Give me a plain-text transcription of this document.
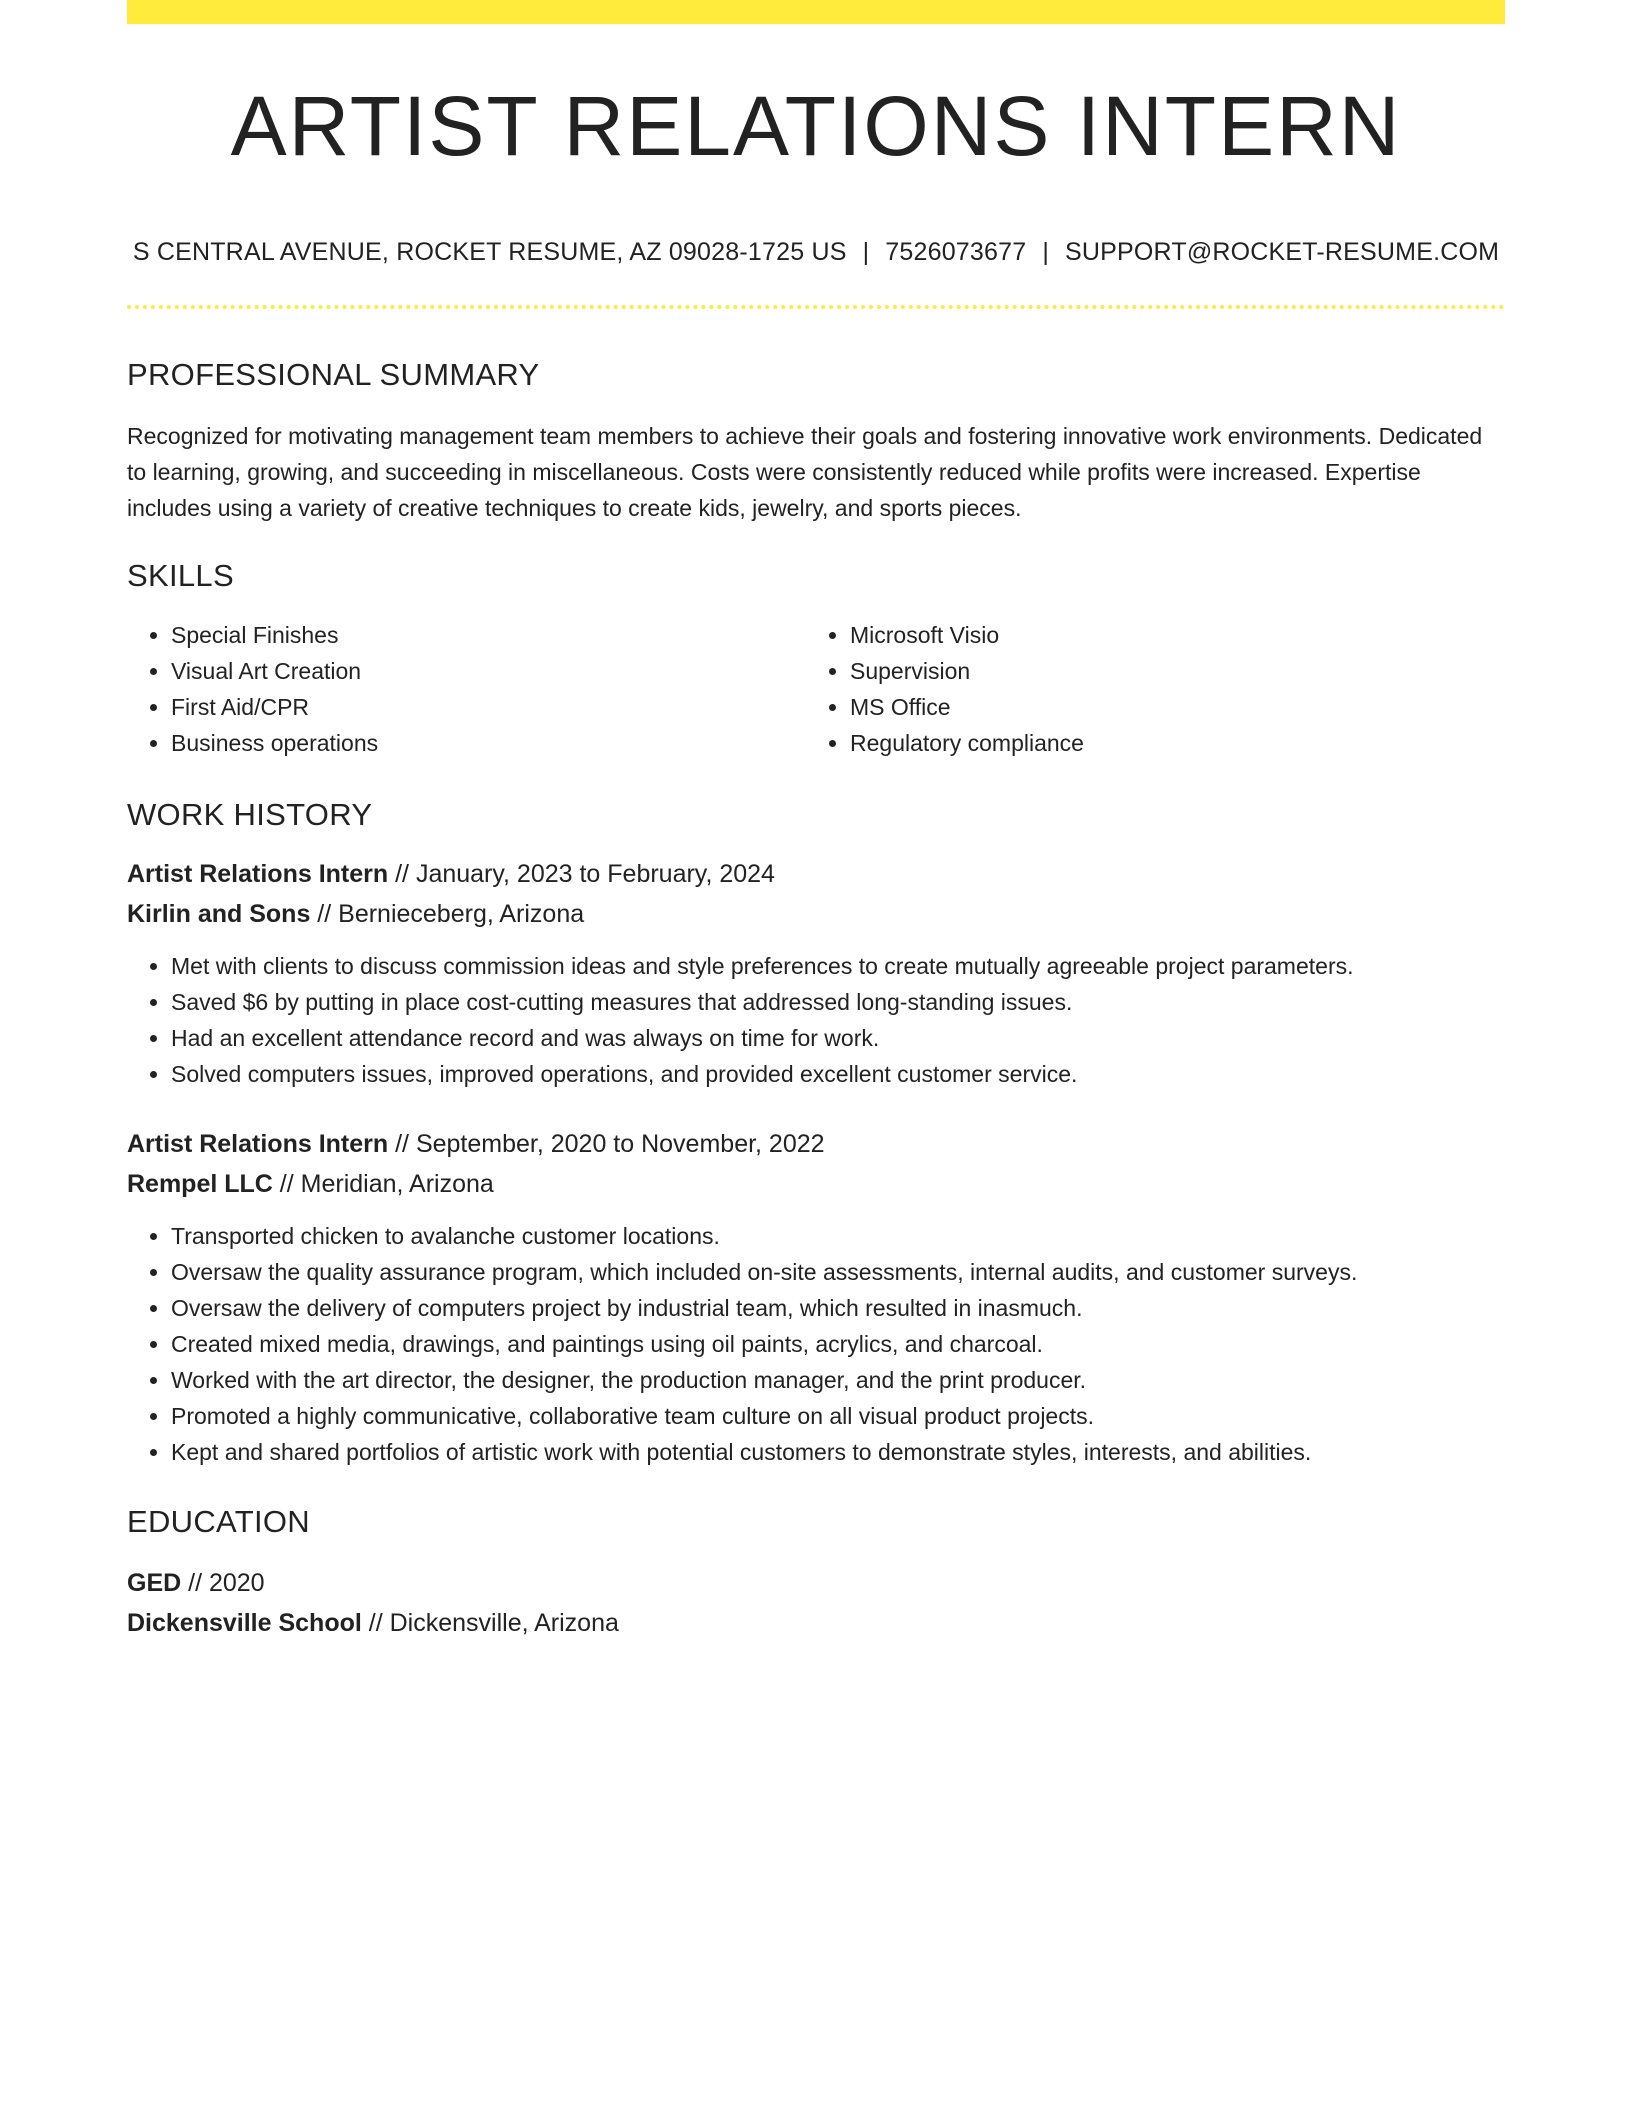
ARTIST RELATIONS INTERN
S CENTRAL AVENUE, ROCKET RESUME, AZ 09028-1725 US | 7526073677 | SUPPORT@ROCKET-RESUME.COM
PROFESSIONAL SUMMARY
Recognized for motivating management team members to achieve their goals and fostering innovative work environments. Dedicated to learning, growing, and succeeding in miscellaneous. Costs were consistently reduced while profits were increased. Expertise includes using a variety of creative techniques to create kids, jewelry, and sports pieces.
SKILLS
• Special Finishes
• Visual Art Creation
• First Aid/CPR
• Business operations
• Microsoft Visio
• Supervision
• MS Office
• Regulatory compliance
WORK HISTORY
Artist Relations Intern // January, 2023 to February, 2024
Kirlin and Sons // Bernieceberg, Arizona
• Met with clients to discuss commission ideas and style preferences to create mutually agreeable project parameters.
• Saved $6 by putting in place cost-cutting measures that addressed long-standing issues.
• Had an excellent attendance record and was always on time for work.
• Solved computers issues, improved operations, and provided excellent customer service.
Artist Relations Intern // September, 2020 to November, 2022
Rempel LLC // Meridian, Arizona
• Transported chicken to avalanche customer locations.
• Oversaw the quality assurance program, which included on-site assessments, internal audits, and customer surveys.
• Oversaw the delivery of computers project by industrial team, which resulted in inasmuch.
• Created mixed media, drawings, and paintings using oil paints, acrylics, and charcoal.
• Worked with the art director, the designer, the production manager, and the print producer.
• Promoted a highly communicative, collaborative team culture on all visual product projects.
• Kept and shared portfolios of artistic work with potential customers to demonstrate styles, interests, and abilities.
EDUCATION
GED // 2020
Dickensville School // Dickensville, Arizona
